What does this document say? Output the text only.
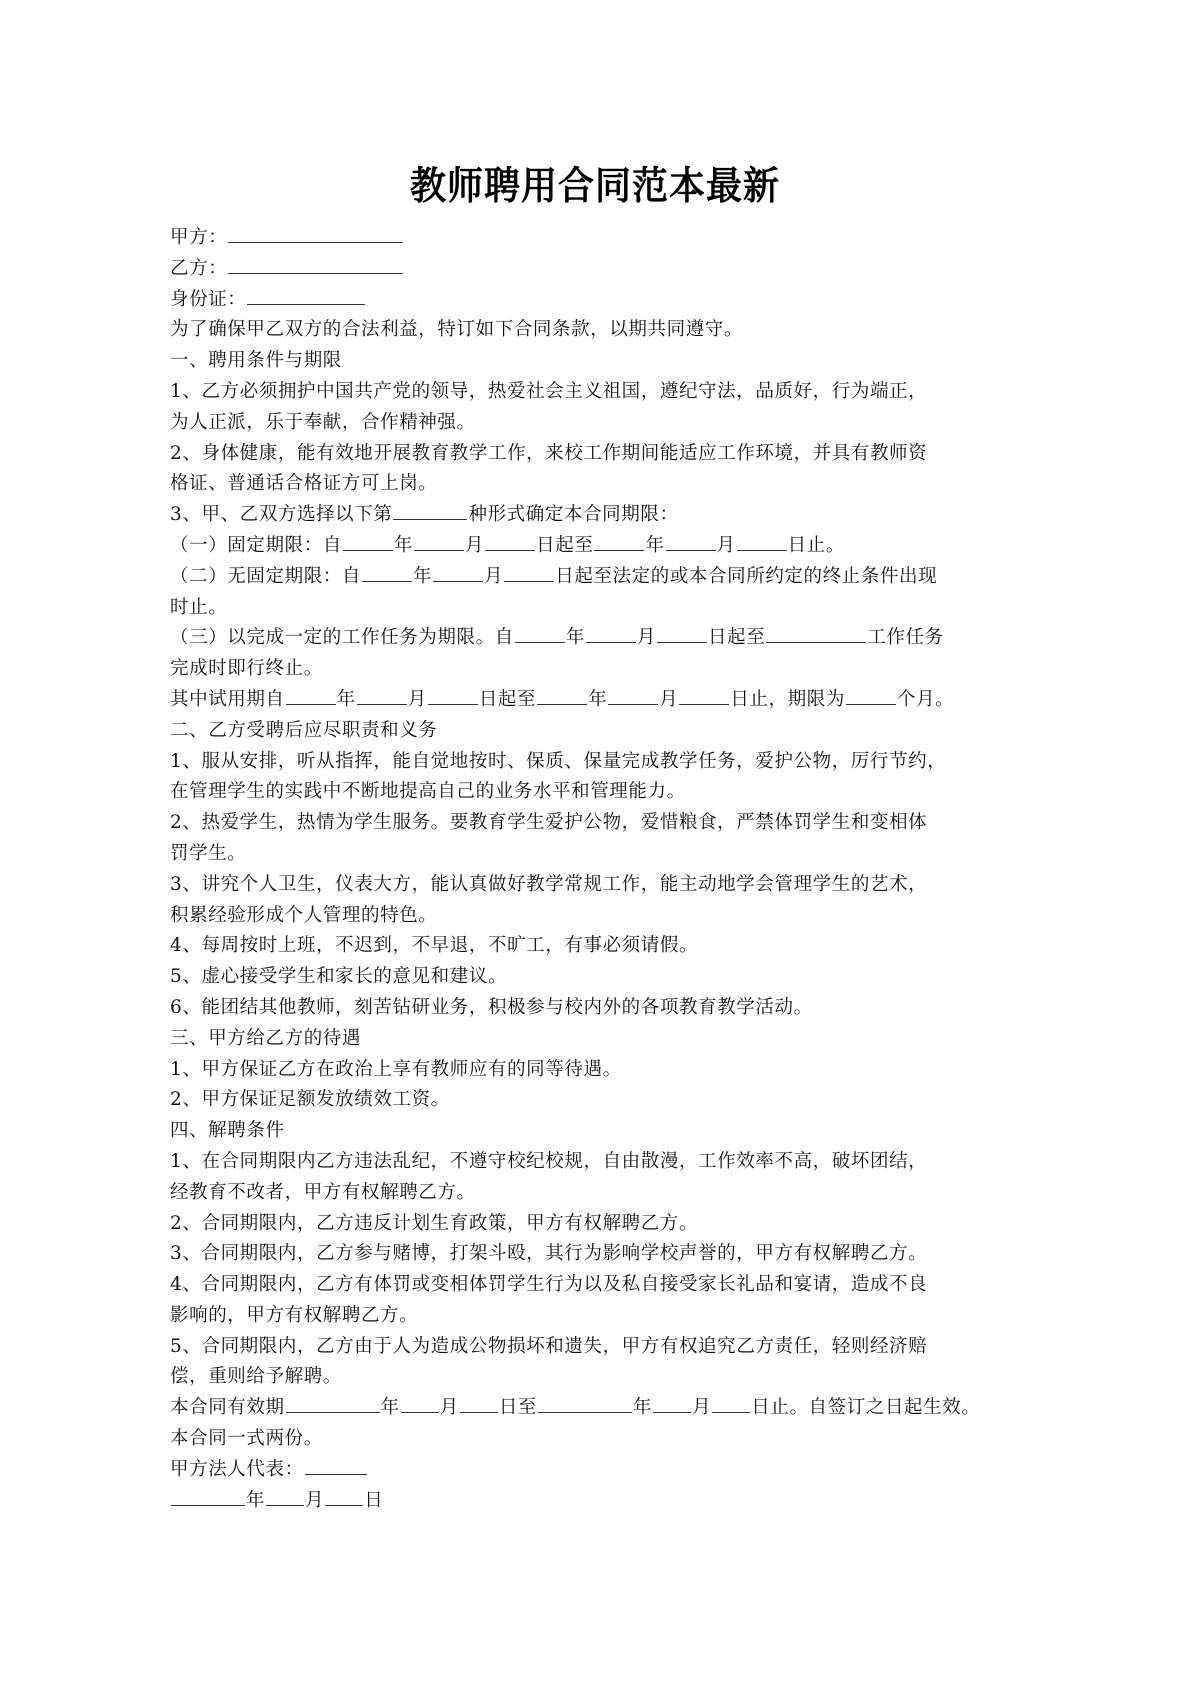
教师聘用合同范本最新
甲方：
乙方：
身份证：
为了确保甲乙双方的合法利益，特订如下合同条款，以期共同遵守。
一、聘用条件与期限
1、乙方必须拥护中国共产党的领导，热爱社会主义祖国，遵纪守法，品质好，行为端正，
为人正派，乐于奉献，合作精神强。
2、身体健康，能有效地开展教育教学工作，来校工作期间能适应工作环境，并具有教师资
格证、普通话合格证方可上岗。
3、甲、乙双方选择以下第	种形式确定本合同期限：
（一）固定期限：自	年	月	日起至	年	月	日止。
（二）无固定期限：自	年	月	日起至法定的或本合同所约定的终止条件出现
时止。
（三）以完成一定的工作任务为期限。自	年	月	日起至	工作任务
完成时即行终止。
其中试用期自	年	月	日起至	年	月	日止，期限为	个月。
二、乙方受聘后应尽职责和义务
1、服从安排，听从指挥，能自觉地按时、保质、保量完成教学任务，爱护公物，厉行节约，
在管理学生的实践中不断地提高自己的业务水平和管理能力。
2、热爱学生，热情为学生服务。要教育学生爱护公物，爱惜粮食，严禁体罚学生和变相体
罚学生。
3、讲究个人卫生，仪表大方，能认真做好教学常规工作，能主动地学会管理学生的艺术，
积累经验形成个人管理的特色。
4、每周按时上班，不迟到，不早退，不旷工，有事必须请假。
5、虚心接受学生和家长的意见和建议。
6、能团结其他教师，刻苦钻研业务，积极参与校内外的各项教育教学活动。
三、甲方给乙方的待遇
1、甲方保证乙方在政治上享有教师应有的同等待遇。
2、甲方保证足额发放绩效工资。
四、解聘条件
1、在合同期限内乙方违法乱纪，不遵守校纪校规，自由散漫，工作效率不高，破坏团结，
经教育不改者，甲方有权解聘乙方。
2、合同期限内，乙方违反计划生育政策，甲方有权解聘乙方。
3、合同期限内，乙方参与赌博，打架斗殴，其行为影响学校声誉的，甲方有权解聘乙方。
4、合同期限内，乙方有体罚或变相体罚学生行为以及私自接受家长礼品和宴请，造成不良
影响的，甲方有权解聘乙方。
5、合同期限内，乙方由于人为造成公物损坏和遗失，甲方有权追究乙方责任，轻则经济赔
偿，重则给予解聘。
本合同有效期	年 月 日至	年 月 日止。自签订之日起生效。
本合同一式两份。
甲方法人代表：
年 月 日
